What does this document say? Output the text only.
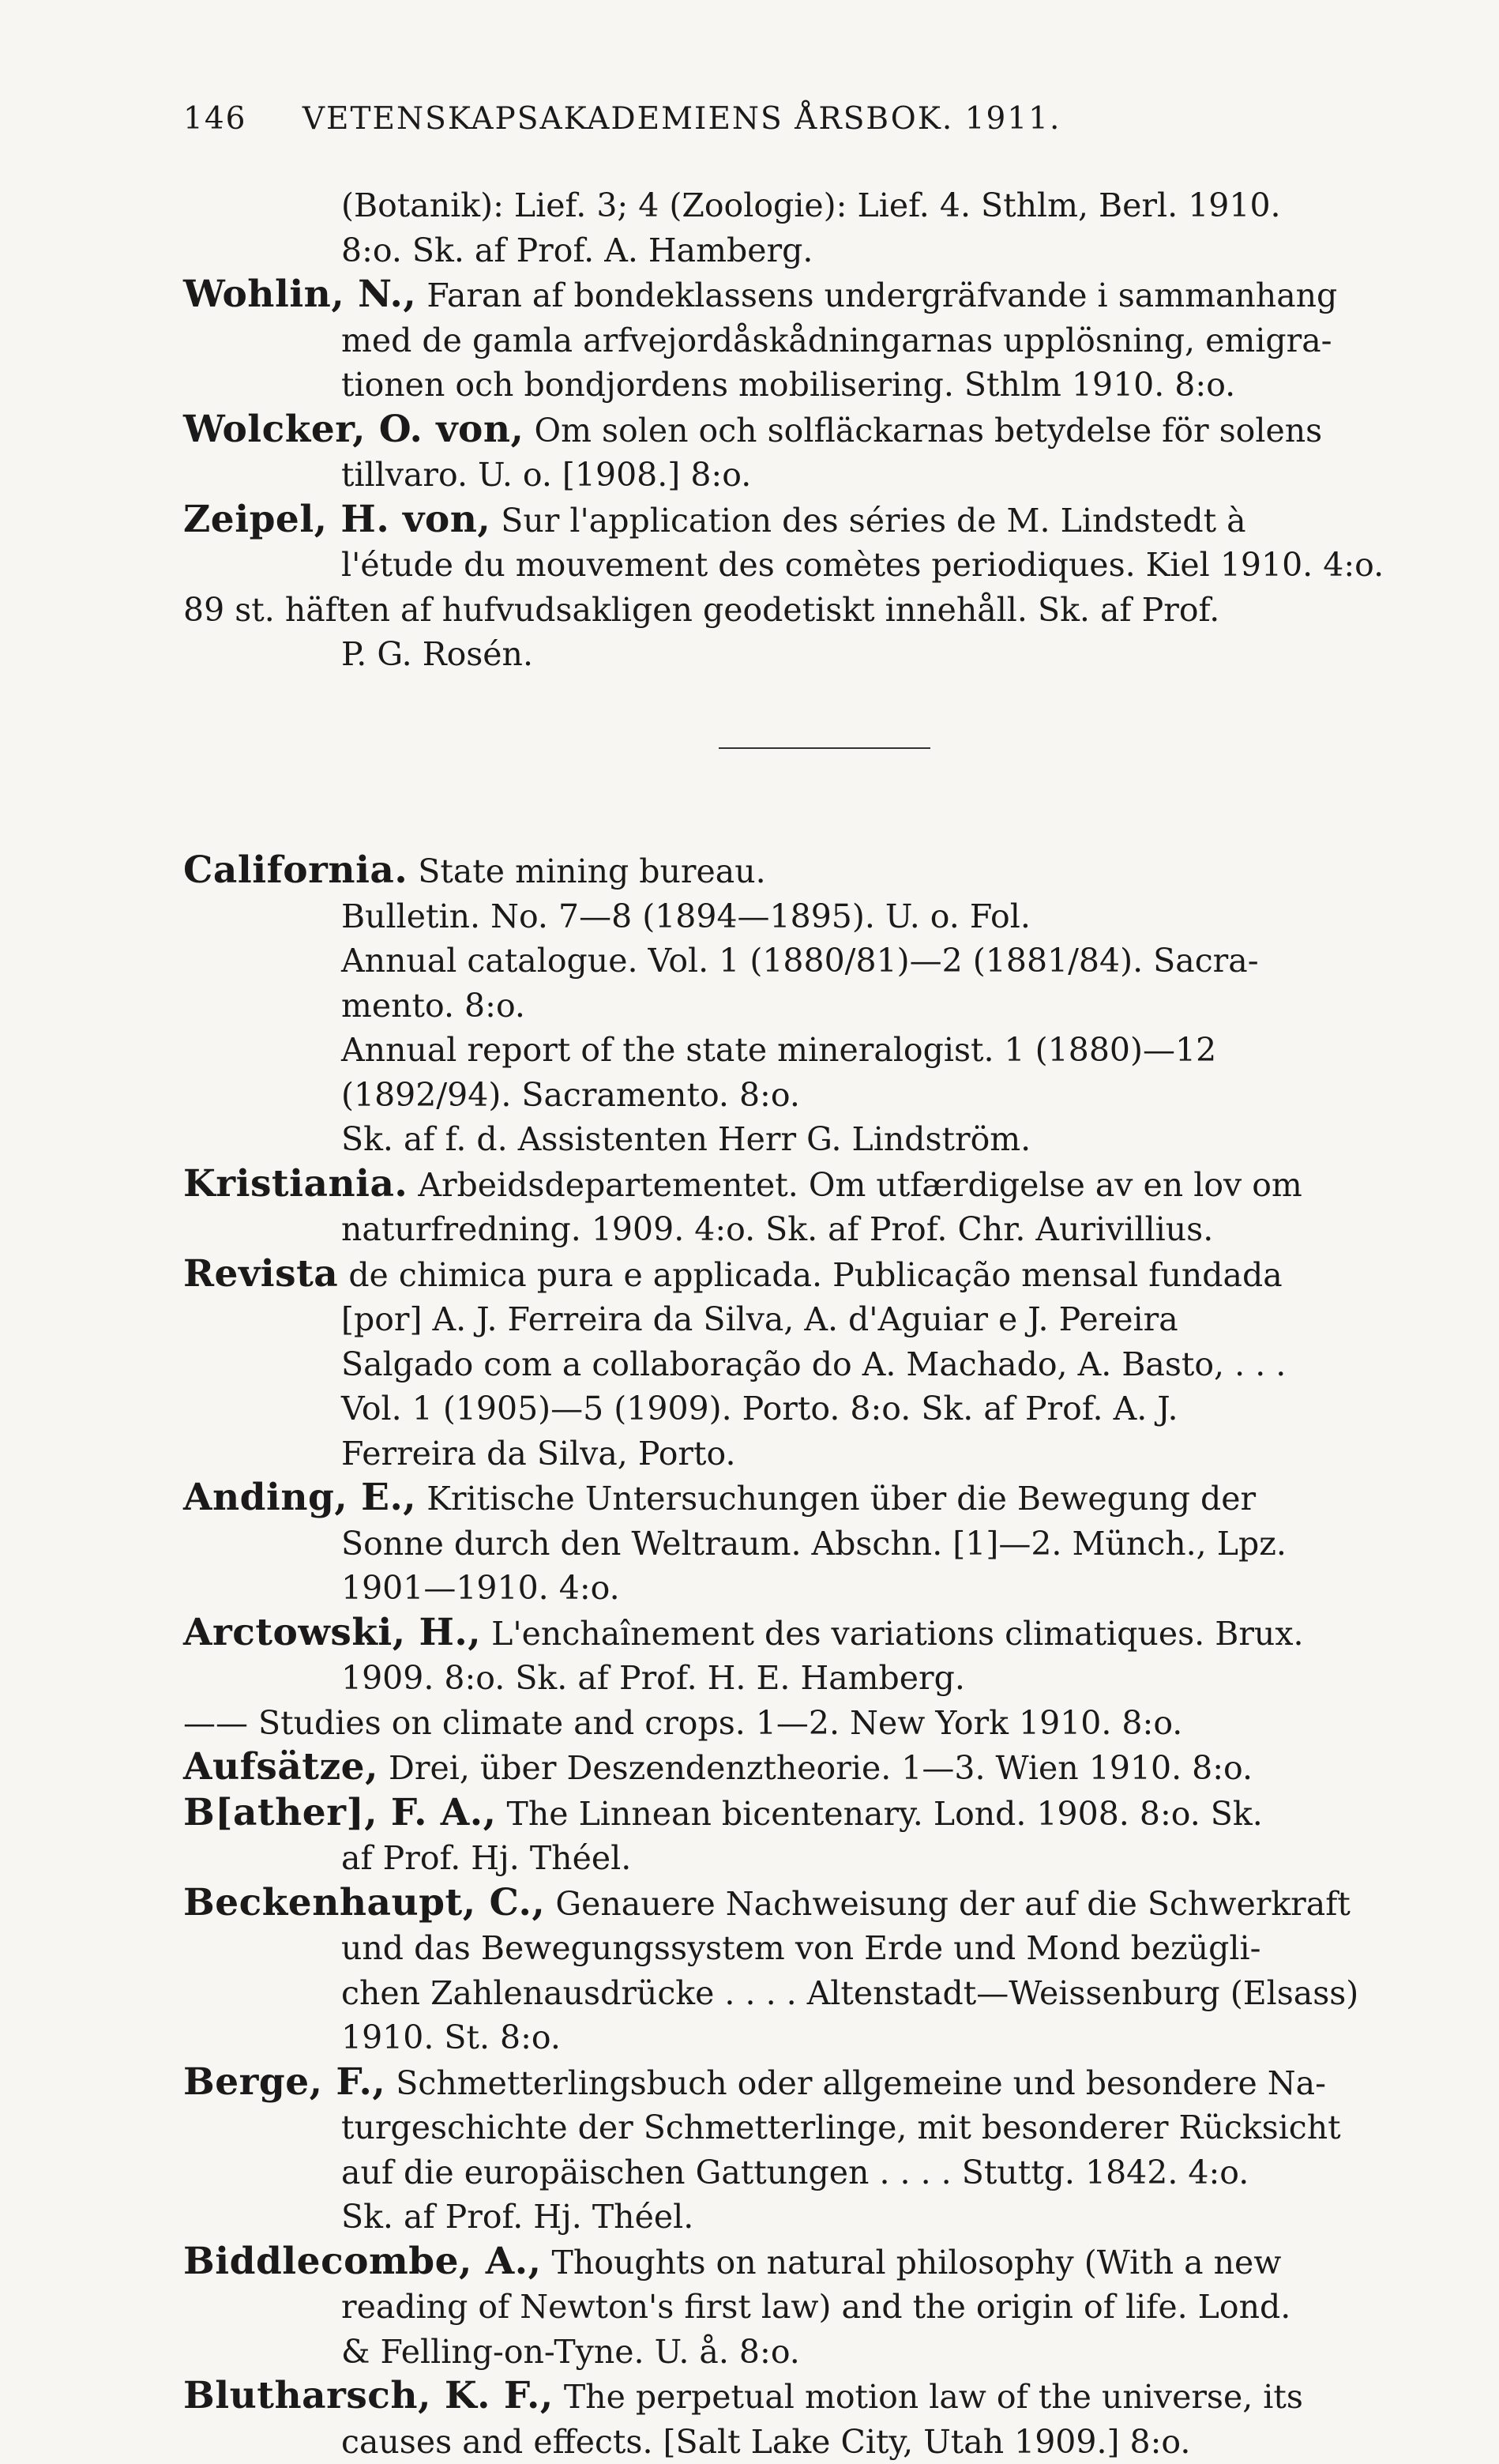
146 VETENSKAPSAKADEMIENS ÅRSBOK. 1911.
(Botanik): Lief. 3; 4 (Zoologie): Lief. 4. Sthlm, Berl. 1910.
8:o. Sk. af Prof. A. Hamberg.
Wohlin, N., Faran af bondeklassens undergräfvande i sammanhang
med de gamla arfvejordåskådningarnas upplösning, emigra-
tionen och bondjordens mobilisering. Sthlm 1910. 8:o.
Wolcker, O. von, Om solen och solfläckarnas betydelse för solens
tillvaro. U. o. [1908.] 8:o.
Zeipel, H. von, Sur l'application des séries de M. Lindstedt à
l'étude du mouvement des comètes periodiques. Kiel 1910. 4:o.
89 st. häften af hufvudsakligen geodetiskt innehåll. Sk. af Prof.
P. G. Rosén.
California. State mining bureau.
Bulletin. No. 7—8 (1894—1895). U. o. Fol.
Annual catalogue. Vol. 1 (1880/81)—2 (1881/84). Sacra-
mento. 8:o.
Annual report of the state mineralogist. 1 (1880)—12
(1892/94). Sacramento. 8:o.
Sk. af f. d. Assistenten Herr G. Lindström.
Kristiania. Arbeidsdepartementet. Om utfærdigelse av en lov om
naturfredning. 1909. 4:o. Sk. af Prof. Chr. Aurivillius.
Revista de chimica pura e applicada. Publicação mensal fundada
[por] A. J. Ferreira da Silva, A. d'Aguiar e J. Pereira
Salgado com a collaboração do A. Machado, A. Basto, . . .
Vol. 1 (1905)—5 (1909). Porto. 8:o. Sk. af Prof. A. J.
Ferreira da Silva, Porto.
Anding, E., Kritische Untersuchungen über die Bewegung der
Sonne durch den Weltraum. Abschn. [1]—2. Münch., Lpz.
1901—1910. 4:o.
Arctowski, H., L'enchaînement des variations climatiques. Brux.
1909. 8:o. Sk. af Prof. H. E. Hamberg.
—— Studies on climate and crops. 1—2. New York 1910. 8:o.
Aufsätze, Drei, über Deszendenztheorie. 1—3. Wien 1910. 8:o.
B[ather], F. A., The Linnean bicentenary. Lond. 1908. 8:o. Sk.
af Prof. Hj. Théel.
Beckenhaupt, C., Genauere Nachweisung der auf die Schwerkraft
und das Bewegungssystem von Erde und Mond bezügli-
chen Zahlenausdrücke . . . . Altenstadt—Weissenburg (Elsass)
1910. St. 8:o.
Berge, F., Schmetterlingsbuch oder allgemeine und besondere Na-
turgeschichte der Schmetterlinge, mit besonderer Rücksicht
auf die europäischen Gattungen . . . . Stuttg. 1842. 4:o.
Sk. af Prof. Hj. Théel.
Biddlecombe, A., Thoughts on natural philosophy (With a new
reading of Newton's first law) and the origin of life. Lond.
& Felling-on-Tyne. U. å. 8:o.
Blutharsch, K. F., The perpetual motion law of the universe, its
causes and effects. [Salt Lake City, Utah 1909.] 8:o.
